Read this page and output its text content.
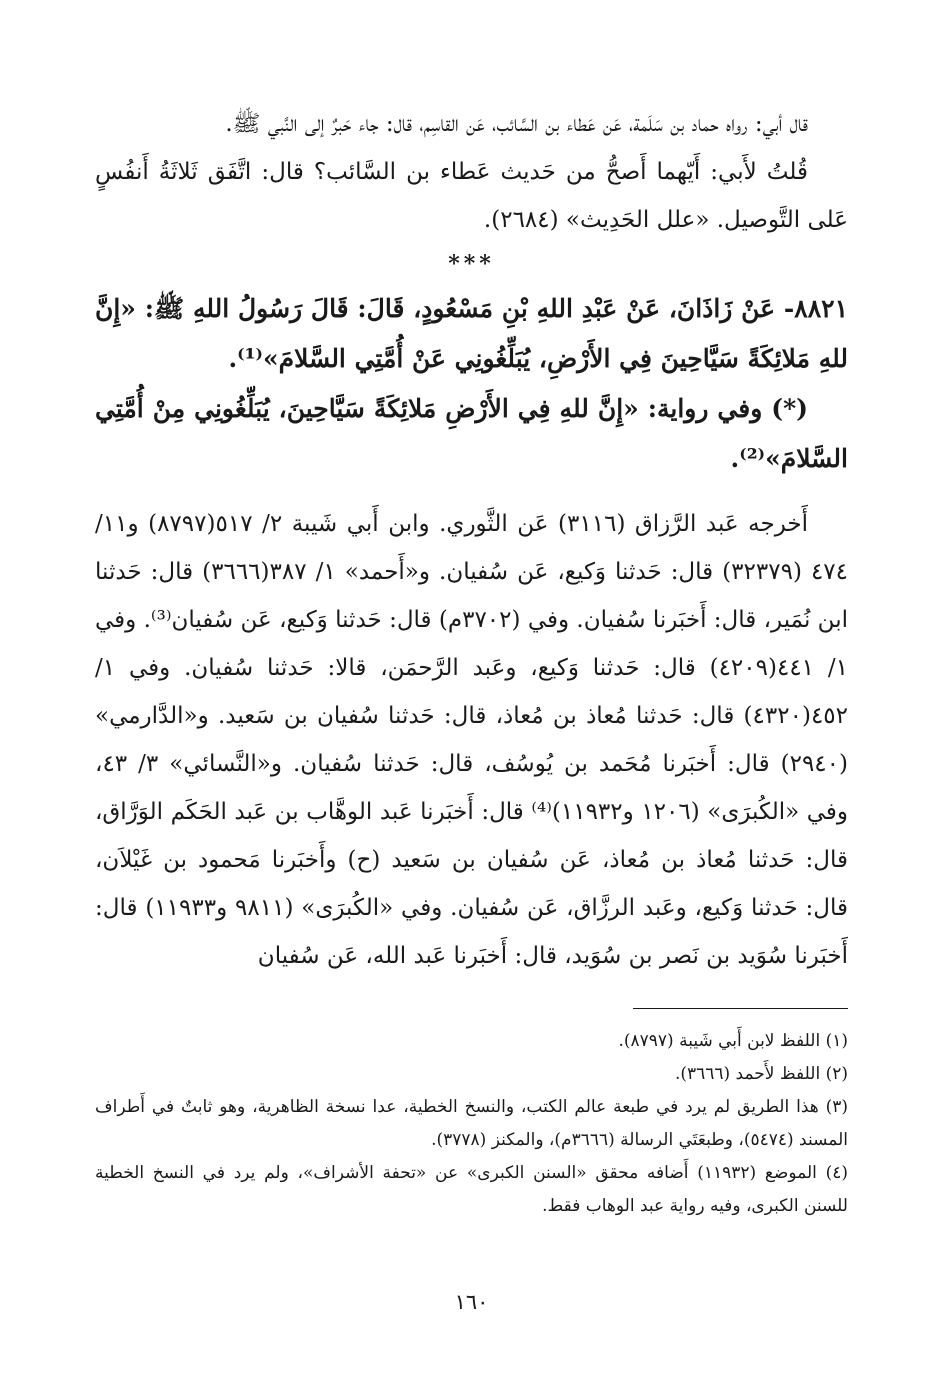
قال أبي: رواه حماد بن سَلَمة، عَن عَطاء بن السَّائب، عَن القاسِم، قال: جاء حَبرٌ إلى النَّبي ﷺ.

قُلتُ لأَبي: أَيّهما أَصحُّ من حَديث عَطاء بن السَّائب؟ قال: اتَّفَق ثَلاثَةُ أَنفُسٍ عَلى التَّوصيل. «علل الحَدِيث» (٢٦٨٤).

***

٨٨٢١- عَنْ زَاذَانَ، عَنْ عَبْدِ اللهِ بْنِ مَسْعُودٍ، قَالَ: قَالَ رَسُولُ اللهِ ﷺ: «إِنَّ للهِ مَلائِكَةً سَيَّاحِينَ فِي الأَرْضِ، يُبَلِّغُونِي عَنْ أُمَّتِي السَّلامَ»⁽¹⁾.

(*) وفي رواية: «إِنَّ للهِ فِي الأَرْضِ مَلائِكَةً سَيَّاحِينَ، يُبَلِّغُونِي مِنْ أُمَّتِي السَّلامَ»⁽²⁾.

أَخرجه عَبد الرَّزاق (٣١١٦) عَن الثَّوري. وابن أَبي شَيبة ٢/ ٥١٧(٨٧٩٧) و١١/ ٤٧٤ (٣٢٣٧٩) قال: حَدثنا وَكيع، عَن سُفيان. و«أَحمد» ١/ ٣٨٧(٣٦٦٦) قال: حَدثنا ابن نُمَير، قال: أَخبَرنا سُفيان. وفي (٣٧٠٢م) قال: حَدثنا وَكيع، عَن سُفيان⁽³⁾. وفي ١/ ٤٤١(٤٢٠٩) قال: حَدثنا وَكيع، وعَبد الرَّحمَن، قالا: حَدثنا سُفيان. وفي ١/ ٤٥٢(٤٣٢٠) قال: حَدثنا مُعاذ بن مُعاذ، قال: حَدثنا سُفيان بن سَعيد. و«الدَّارمي» (٢٩٤٠) قال: أَخبَرنا مُحَمد بن يُوسُف، قال: حَدثنا سُفيان. و«النَّسائي» ٣/ ٤٣، وفي «الكُبرَى» (١٢٠٦ و١١٩٣٢)⁽⁴⁾ قال: أَخبَرنا عَبد الوهَّاب بن عَبد الحَكَم الوَرَّاق، قال: حَدثنا مُعاذ بن مُعاذ، عَن سُفيان بن سَعيد (ح) وأَخبَرنا مَحمود بن غَيْلاَن، قال: حَدثنا وَكيع، وعَبد الرزَّاق، عَن سُفيان. وفي «الكُبرَى» (٩٨١١ و١١٩٣٣) قال: أَخبَرنا سُوَيد بن نَصر بن سُوَيد، قال: أَخبَرنا عَبد الله، عَن سُفيان

(١) اللفظ لابن أَبي شَيبة (٨٧٩٧).

(٢) اللفظ لأَحمد (٣٦٦٦).

(٣) هذا الطريق لم يرد في طبعة عالم الكتب، والنسخ الخطية، عدا نسخة الظاهرية، وهو ثابتٌ في أَطراف المسند (٥٤٧٤)، وطبعَتَي الرسالة (٣٦٦٦م)، والمكنز (٣٧٧٨).

(٤) الموضع (١١٩٣٢) أَضافه محقق «السنن الكبرى» عن «تحفة الأشراف»، ولم يرد في النسخ الخطية للسنن الكبرى، وفيه رواية عبد الوهاب فقط.

١٦٠
